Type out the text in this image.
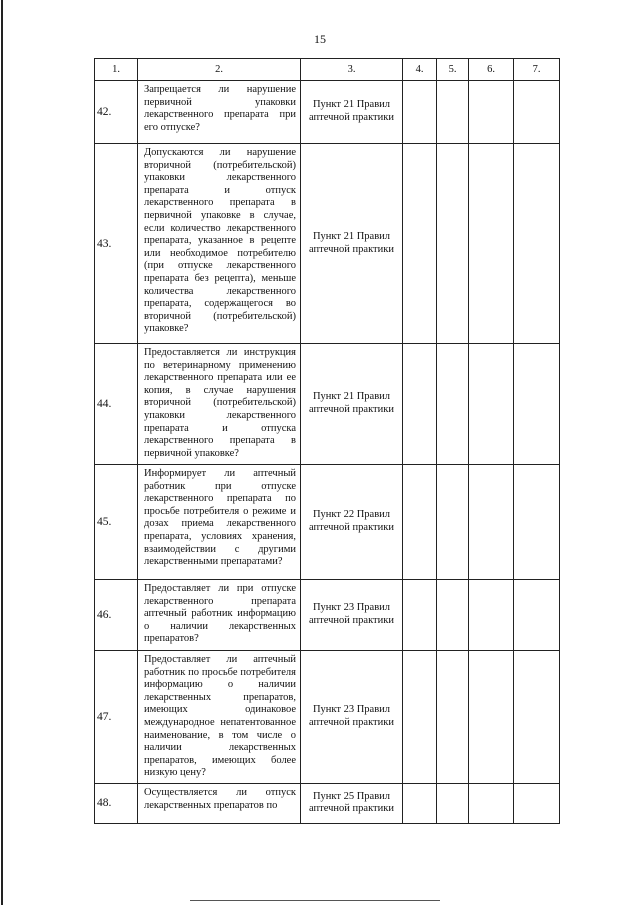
15
1.	2.	3.	4.	5.	6.	7.
42.	Запрещается ли нарушение первичной упаковки лекарственного препарата при его отпуске?	Пункт 21 Правил аптечной практики				
43.	Допускаются ли нарушение вторичной (потребительской) упаковки лекарственного препарата и отпуск лекарственного препарата в первичной упаковке в случае, если количество лекарственного препарата, указанное в рецепте или необходимое потребителю (при отпуске лекарственного препарата без рецепта), меньше количества лекарственного препарата, содержащегося во вторичной (потребительской) упаковке?	Пункт 21 Правил аптечной практики				
44.	Предоставляется ли инструкция по ветеринарному применению лекарственного препарата или ее копия, в случае нарушения вторичной (потребительской) упаковки лекарственного препарата и отпуска лекарственного препарата в первичной упаковке?	Пункт 21 Правил аптечной практики				
45.	Информирует ли аптечный работник при отпуске лекарственного препарата по просьбе потребителя о режиме и дозах приема лекарственного препарата, условиях хранения, взаимодействии с другими лекарственными препаратами?	Пункт 22 Правил аптечной практики				
46.	Предоставляет ли при отпуске лекарственного препарата аптечный работник информацию о наличии лекарственных препаратов?	Пункт 23 Правил аптечной практики				
47.	Предоставляет ли аптечный работник по просьбе потребителя информацию о наличии лекарственных препаратов, имеющих одинаковое международное непатентованное наименование, в том числе о наличии лекарственных препаратов, имеющих более низкую цену?	Пункт 23 Правил аптечной практики				
48.	Осуществляется ли отпуск лекарственных препаратов по	Пункт 25 Правил аптечной практики				
